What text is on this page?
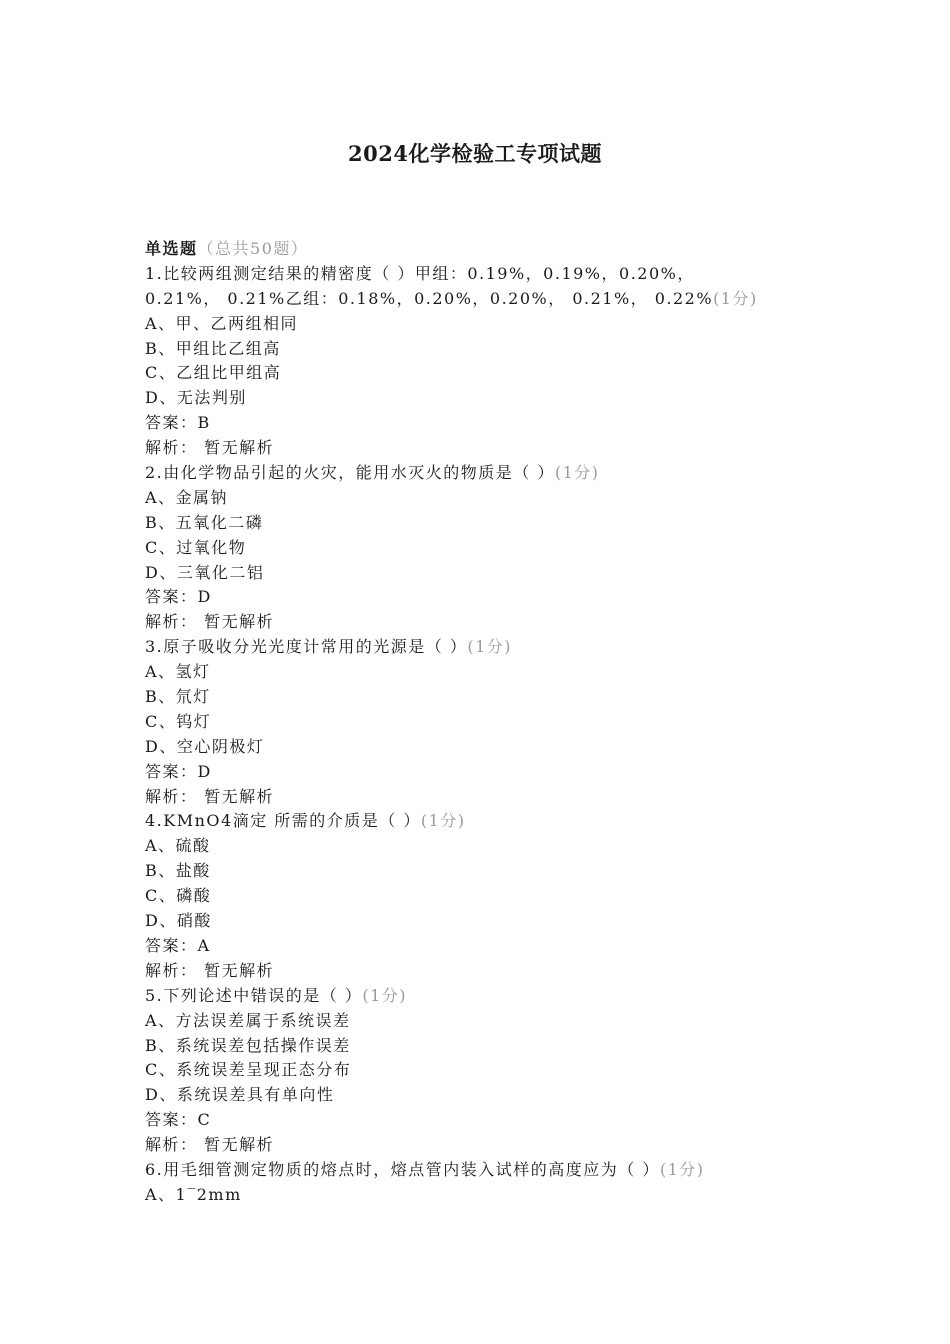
2024化学检验工专项试题
单选题（总共50题）
1.比较两组测定结果的精密度（ ）甲组：0.19%，0.19%，0.20%，
0.21%， 0.21%乙组：0.18%，0.20%，0.20%， 0.21%， 0.22%(1分)
A、甲、乙两组相同
B、甲组比乙组高
C、乙组比甲组高
D、无法判别
答案：B
解析： 暂无解析
2.由化学物品引起的火灾，能用水灭火的物质是（ ）(1分)
A、金属钠
B、五氧化二磷
C、过氧化物
D、三氧化二铝
答案：D
解析： 暂无解析
3.原子吸收分光光度计常用的光源是（ ）(1分)
A、氢灯
B、氘灯
C、钨灯
D、空心阴极灯
答案：D
解析： 暂无解析
4.KMnO4滴定 所需的介质是（ ）(1分)
A、硫酸
B、盐酸
C、磷酸
D、硝酸
答案：A
解析： 暂无解析
5.下列论述中错误的是（ ）(1分)
A、方法误差属于系统误差
B、系统误差包括操作误差
C、系统误差呈现正态分布
D、系统误差具有单向性
答案：C
解析： 暂无解析
6.用毛细管测定物质的熔点时，熔点管内装入试样的高度应为（ ）(1分)
A、1‾2mm
